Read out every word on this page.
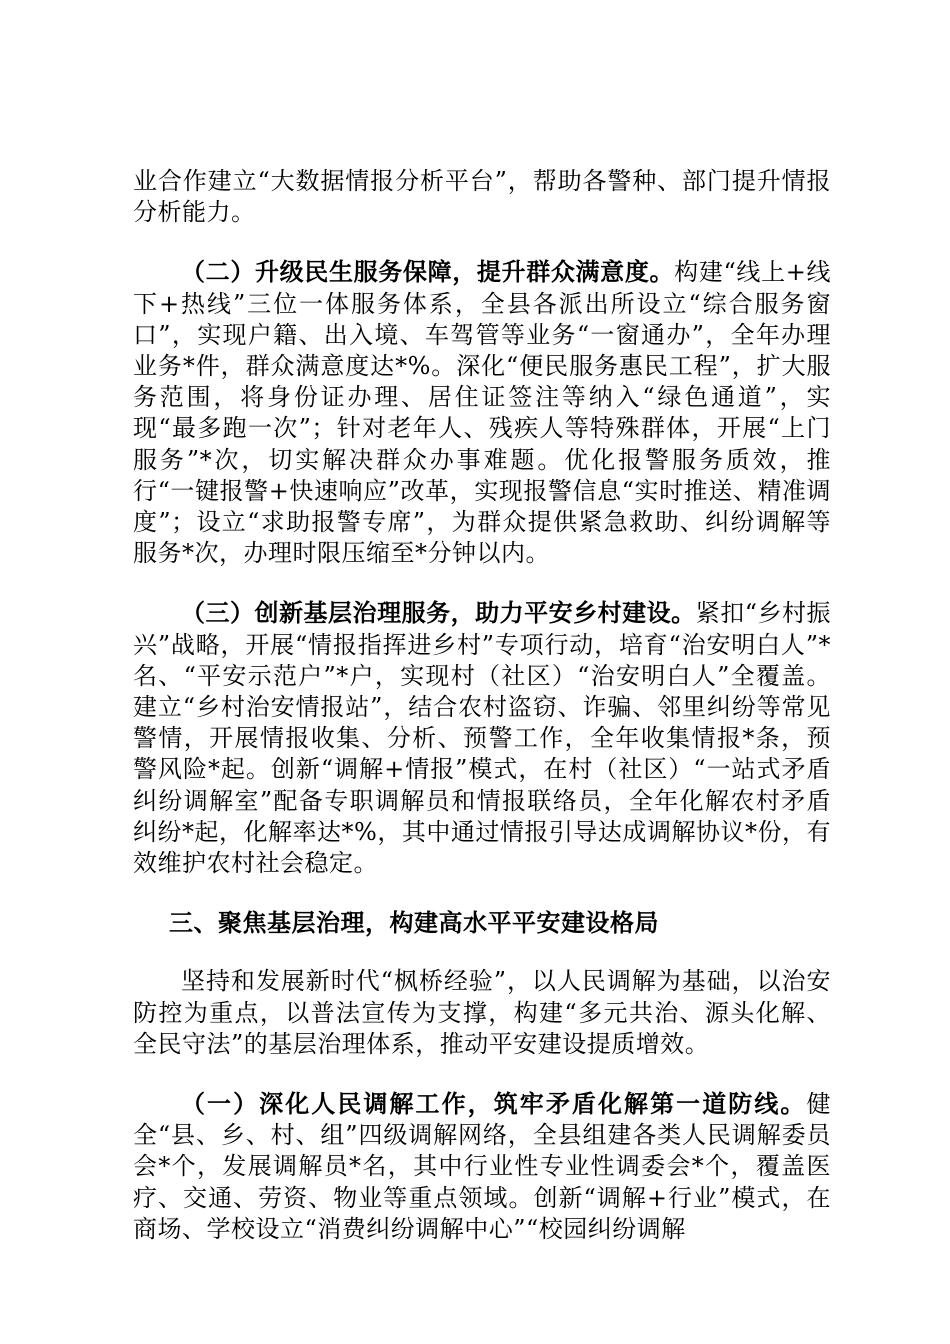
业合作建立“大数据情报分析平台”，帮助各警种、部门提升情报分析能力。

（二）升级民生服务保障，提升群众满意度。构建“线上+线下+热线”三位一体服务体系，全县各派出所设立“综合服务窗口”，实现户籍、出入境、车驾管等业务“一窗通办”，全年办理业务*件，群众满意度达*%。深化“便民服务惠民工程”，扩大服务范围，将身份证办理、居住证签注等纳入“绿色通道”，实现“最多跑一次”；针对老年人、残疾人等特殊群体，开展“上门服务”*次，切实解决群众办事难题。优化报警服务质效，推行“一键报警+快速响应”改革，实现报警信息“实时推送、精准调度”；设立“求助报警专席”，为群众提供紧急救助、纠纷调解等服务*次，办理时限压缩至*分钟以内。

（三）创新基层治理服务，助力平安乡村建设。紧扣“乡村振兴”战略，开展“情报指挥进乡村”专项行动，培育“治安明白人”*名、“平安示范户”*户，实现村（社区）“治安明白人”全覆盖。建立“乡村治安情报站”，结合农村盗窃、诈骗、邻里纠纷等常见警情，开展情报收集、分析、预警工作，全年收集情报*条，预警风险*起。创新“调解+情报”模式，在村（社区）“一站式矛盾纠纷调解室”配备专职调解员和情报联络员，全年化解农村矛盾纠纷*起，化解率达*%，其中通过情报引导达成调解协议*份，有效维护农村社会稳定。

三、聚焦基层治理，构建高水平平安建设格局

坚持和发展新时代“枫桥经验”，以人民调解为基础，以治安防控为重点，以普法宣传为支撑，构建“多元共治、源头化解、全民守法”的基层治理体系，推动平安建设提质增效。

（一）深化人民调解工作，筑牢矛盾化解第一道防线。健全“县、乡、村、组”四级调解网络，全县组建各类人民调解委员会*个，发展调解员*名，其中行业性专业性调委会*个，覆盖医疗、交通、劳资、物业等重点领域。创新“调解+行业”模式，在商场、学校设立“消费纠纷调解中心”“校园纠纷调解
